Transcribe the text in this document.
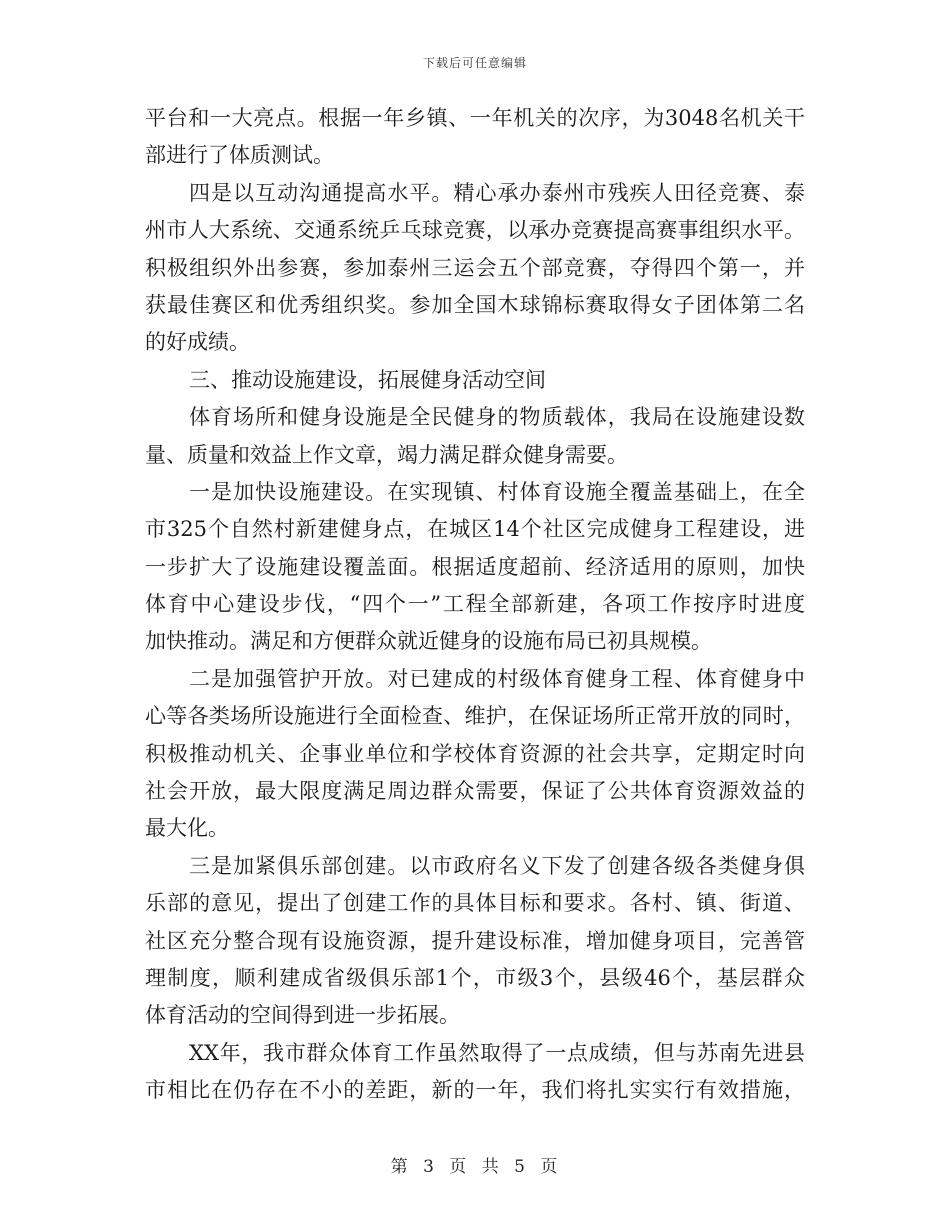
下载后可任意编辑
平台和一大亮点。根据一年乡镇、一年机关的次序，为3048名机关干
部进行了体质测试。
四是以互动沟通提高水平。精心承办泰州市残疾人田径竞赛、泰
州市人大系统、交通系统乒乓球竞赛，以承办竞赛提高赛事组织水平。
积极组织外出参赛，参加泰州三运会五个部竞赛，夺得四个第一，并
获最佳赛区和优秀组织奖。参加全国木球锦标赛取得女子团体第二名
的好成绩。
三、推动设施建设，拓展健身活动空间
体育场所和健身设施是全民健身的物质载体，我局在设施建设数
量、质量和效益上作文章，竭力满足群众健身需要。
一是加快设施建设。在实现镇、村体育设施全覆盖基础上，在全
市325个自然村新建健身点，在城区14个社区完成健身工程建设，进
一步扩大了设施建设覆盖面。根据适度超前、经济适用的原则，加快
体育中心建设步伐，“四个一”工程全部新建，各项工作按序时进度
加快推动。满足和方便群众就近健身的设施布局已初具规模。
二是加强管护开放。对已建成的村级体育健身工程、体育健身中
心等各类场所设施进行全面检查、维护，在保证场所正常开放的同时，
积极推动机关、企事业单位和学校体育资源的社会共享，定期定时向
社会开放，最大限度满足周边群众需要，保证了公共体育资源效益的
最大化。
三是加紧俱乐部创建。以市政府名义下发了创建各级各类健身俱
乐部的意见，提出了创建工作的具体目标和要求。各村、镇、街道、
社区充分整合现有设施资源，提升建设标准，增加健身项目，完善管
理制度，顺利建成省级俱乐部1个，市级3个，县级46个，基层群众
体育活动的空间得到进一步拓展。
XX年，我市群众体育工作虽然取得了一点成绩，但与苏南先进县
市相比在仍存在不小的差距，新的一年，我们将扎实实行有效措施，
第 3 页 共 5 页
